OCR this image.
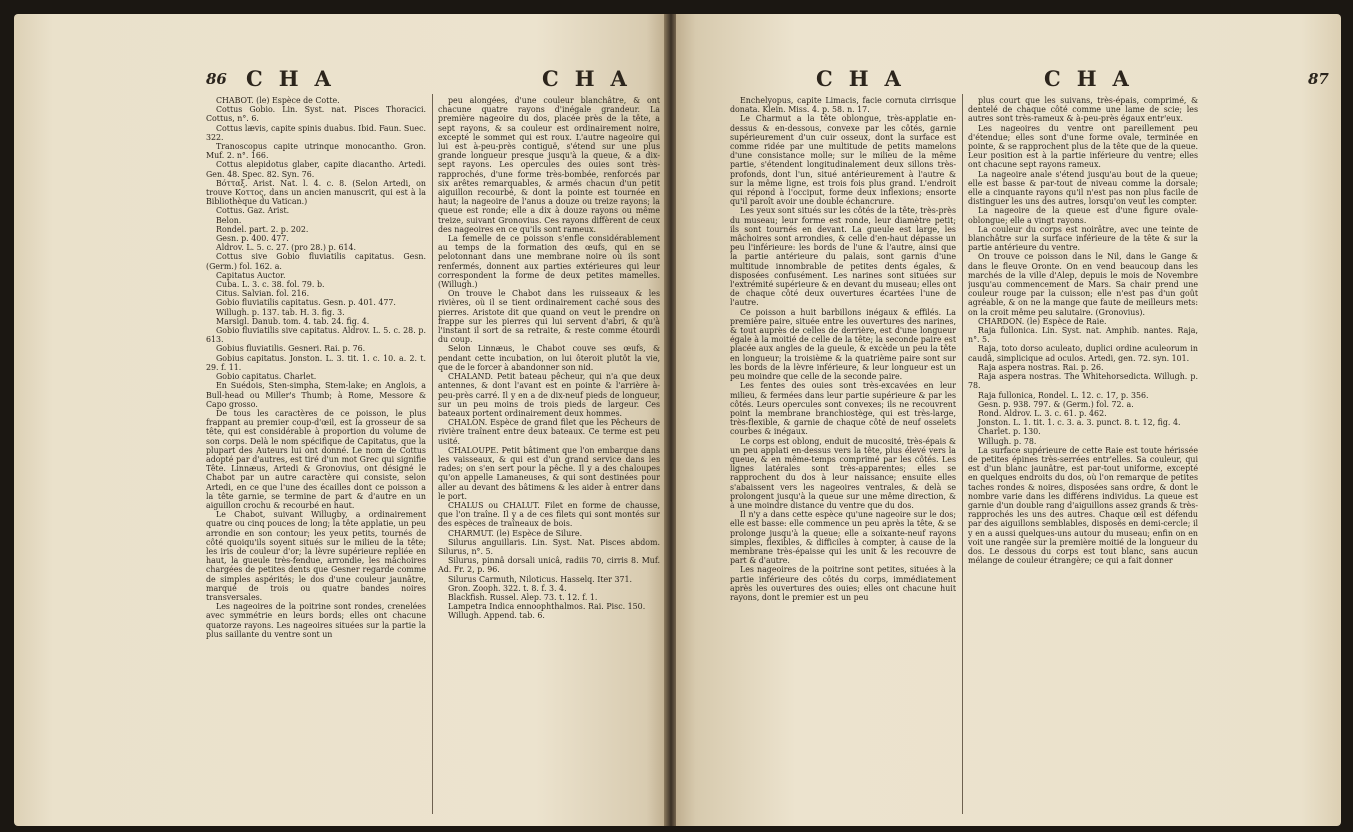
86 CHA	CHA

CHABOT. (le) Espèce de Cotte.

Cottus Gobio. Lin. Syst. nat. Pisces Thoracici. Cottus, n°. 6.

Cottus lævis, capite spinis duabus. Ibid. Faun. Suec. 322.

Tranoscopus capite utrinque monocantho. Gron. Muf. 2. n°. 166.

Cottus alepidotus glaber, capite diacantho. Artedi. Gen. 48. Spec. 82. Syn. 76.

Βότταξ. Arist. Nat. l. 4. c. 8. (Selon Artedi, on trouve Κοττος, dans un ancien manuscrit, qui est à la Bibliothèque du Vatican.)

Cottus. Gaz. Arist.

Belon.

Rondel. part. 2. p. 202.

Gesn. p. 400. 477.

Aldrov. L. 5. c. 27. (pro 28.) p. 614.

Cottus sive Gobio fluviatilis capitatus. Gesn. (Germ.) fol. 162. a.

Capitatus Auctor.

Cuba. L. 3. c. 38. fol. 79. b.

Citus. Salvian. fol. 216.

Gobio fluviatilis capitatus. Gesn. p. 401. 477.

Willugh. p. 137. tab. H. 3. fig. 3.

Marsigl. Danub. tom. 4. tab. 24. fig. 4.

Gobio fluviatilis sive capitatus. Aldrov. L. 5. c. 28. p. 613.

Gobius fluviatilis. Gesneri. Rai. p. 76.

Gobius capitatus. Jonston. L. 3. tit. 1. c. 10. a. 2. t. 29. f. 11.

Gobio capitatus. Charlet.

En Suédois, Sten-simpha, Stem-lake; en Anglois, a Bull-head ou Miller's Thumb; à Rome, Messore & Capo grosso.

De tous les caractères de ce poisson, le plus frappant au premier coup-d'œil, est la grosseur de sa tête, qui est considérable à proportion du volume de son corps. Delà le nom spécifique de Capitatus, que la plupart des Auteurs lui ont donné. Le nom de Cottus adopté par d'autres, est tiré d'un mot Grec qui signifie Tête. Linnæus, Artedi & Gronovius, ont désigné le Chabot par un autre caractère qui consiste, selon Artedi, en ce que l'une des écailles dont ce poisson a la tête garnie, se termine de part & d'autre en un aiguillon crochu & recourbé en haut.

Le Chabot, suivant Willugby, a ordinairement quatre ou cinq pouces de long; la tête applatie, un peu arrondie en son contour; les yeux petits, tournés de côté quoiqu'ils soyent situés sur le milieu de la tête; les iris de couleur d'or; la lèvre supérieure repliée en haut, la gueule très-fendue, arrondie, les mâchoires chargées de petites dents que Gesner regarde comme de simples aspérités; le dos d'une couleur jaunâtre, marqué de trois ou quatre bandes noires transversales.

Les nageoires de la poitrine sont rondes, crenelées avec symmétrie en leurs bords; elles ont chacune quatorze rayons. Les nageoires situées sur la partie la plus saillante du ventre sont un

peu alongées, d'une couleur blanchâtre, & ont chacune quatre rayons d'inégale grandeur. La première nageoire du dos, placée près de la tête, a sept rayons, & sa couleur est ordinairement noire, excepté le sommet qui est roux. L'autre nageoire qui lui est à-peu-près contiguë, s'étend sur une plus grande longueur presque jusqu'à la queue, & a dix-sept rayons. Les opercules des ouies sont très-rapprochés, d'une forme très-bombée, renforcés par six arêtes remarquables, & armés chacun d'un petit aiguillon recourbé, & dont la pointe est tournée en haut; la nageoire de l'anus a douze ou treize rayons; la queue est ronde; elle a dix à douze rayons ou même treize, suivant Gronovius. Ces rayons diffèrent de ceux des nageoires en ce qu'ils sont rameux.

La femelle de ce poisson s'enfle considérablement au temps de la formation des œufs, qui en se pelotonnant dans une membrane noire où ils sont renfermés, donnent aux parties extérieures qui leur correspondent la forme de deux petites mamelles. (Willugh.)

On trouve le Chabot dans les ruisseaux & les rivières, où il se tient ordinairement caché sous des pierres. Aristote dit que quand on veut le prendre on frappe sur les pierres qui lui servent d'abri, & qu'à l'instant il sort de sa retraite, & reste comme étourdi du coup.

Selon Linnæus, le Chabot couve ses œufs, & pendant cette incubation, on lui ôteroit plutôt la vie, que de le forcer à abandonner son nid.

CHALAND. Petit bateau pêcheur, qui n'a que deux antennes, & dont l'avant est en pointe & l'arrière à-peu-près carré. Il y en a de dix-neuf pieds de longueur, sur un peu moins de trois pieds de largeur. Ces bateaux portent ordinairement deux hommes.

CHALON. Espèce de grand filet que les Pêcheurs de rivière traînent entre deux bateaux. Ce terme est peu usité.

CHALOUPE. Petit bâtiment que l'on embarque dans les vaisseaux, & qui est d'un grand service dans les rades; on s'en sert pour la pêche. Il y a des chaloupes qu'on appelle Lamaneuses, & qui sont destinées pour aller au devant des bâtimens & les aider à entrer dans le port.

CHALUS ou CHALUT. Filet en forme de chausse, que l'on traîne. Il y a de ces filets qui sont montés sur des espèces de traîneaux de bois.

CHARMUT. (le) Espèce de Silure.

Silurus anguillaris. Lin. Syst. Nat. Pisces abdom. Silurus, n°. 5.

Silurus, pinnâ dorsali unicâ, radiis 70, cirris 8. Muf. Ad. Fr. 2, p. 96.

Silurus Carmuth, Niloticus. Hasselq. Iter 371.

Gron. Zooph. 322. t. 8. f. 3. 4.

Blackfish. Russel. Alep. 73. t. 12. f. 1.

Lampetra Indica ennoophthalmos. Rai. Pisc. 150.

Willugh. Append. tab. 6.

CHA	CHA	87

Enchelyopus, capite Limacis, facie cornuta cirrisque donata. Klein. Miss. 4. p. 58. n. 17.

Le Charmut a la tête oblongue, très-applatie en-dessus & en-dessous, convexe par les côtés, garnie supérieurement d'un cuir osseux, dont la surface est comme ridée par une multitude de petits mamelons d'une consistance molle; sur le milieu de la même partie, s'étendent longitudinalement deux sillons très-profonds, dont l'un, situé antérieurement à l'autre & sur la même ligne, est trois fois plus grand. L'endroit qui répond à l'occiput, forme deux inflexions; ensorte qu'il paroît avoir une double échancrure.

Les yeux sont situés sur les côtés de la tête, très-près du museau; leur forme est ronde, leur diamètre petit; ils sont tournés en devant. La gueule est large, les mâchoires sont arrondies, & celle d'en-haut dépasse un peu l'inférieure: les bords de l'une & l'autre, ainsi que la partie antérieure du palais, sont garnis d'une multitude innombrable de petites dents égales, & disposées confusément. Les narines sont situées sur l'extrémité supérieure & en devant du museau; elles ont de chaque côté deux ouvertures écartées l'une de l'autre.

Ce poisson a huit barbillons inégaux & effilés. La première paire, située entre les ouvertures des narines, & tout auprès de celles de derrière, est d'une longueur égale à la moitié de celle de la tête; la seconde paire est placée aux angles de la gueule, & excède un peu la tête en longueur; la troisième & la quatrième paire sont sur les bords de la lèvre inférieure, & leur longueur est un peu moindre que celle de la seconde paire.

Les fentes des ouies sont très-excavées en leur milieu, & fermées dans leur partie supérieure & par les côtés. Leurs opercules sont convexes; ils ne recouvrent point la membrane branchiostège, qui est très-large, très-flexible, & garnie de chaque côté de neuf osselets courbes & inégaux.

Le corps est oblong, enduit de mucosité, très-épais & un peu applati en-dessus vers la tête, plus élevé vers la queue, & en même-temps comprimé par les côtés. Les lignes latérales sont très-apparentes; elles se rapprochent du dos à leur naissance; ensuite elles s'abaissent vers les nageoires ventrales, & delà se prolongent jusqu'à la queue sur une même direction, & à une moindre distance du ventre que du dos.

Il n'y a dans cette espèce qu'une nageoire sur le dos; elle est basse: elle commence un peu après la tête, & se prolonge jusqu'à la queue; elle a soixante-neuf rayons simples, flexibles, & difficiles à compter, à cause de la membrane très-épaisse qui les unit & les recouvre de part & d'autre.

Les nageoires de la poitrine sont petites, situées à la partie inférieure des côtés du corps, immédiatement après les ouvertures des ouies; elles ont chacune huit rayons, dont le premier est un peu

plus court que les suivans, très-épais, comprimé, & dentelé de chaque côté comme une lame de scie; les autres sont très-rameux & à-peu-près égaux entr'eux.

Les nageoires du ventre ont pareillement peu d'étendue; elles sont d'une forme ovale, terminée en pointe, & se rapprochent plus de la tête que de la queue. Leur position est à la partie inférieure du ventre; elles ont chacune sept rayons rameux.

La nageoire anale s'étend jusqu'au bout de la queue; elle est basse & par-tout de niveau comme la dorsale; elle a cinquante rayons qu'il n'est pas non plus facile de distinguer les uns des autres, lorsqu'on veut les compter.

La nageoire de la queue est d'une figure ovale-oblongue; elle a vingt rayons.

La couleur du corps est noirâtre, avec une teinte de blanchâtre sur la surface inférieure de la tête & sur la partie antérieure du ventre.

On trouve ce poisson dans le Nil, dans le Gange & dans le fleuve Oronte. On en vend beaucoup dans les marchés de la ville d'Alep, depuis le mois de Novembre jusqu'au commencement de Mars. Sa chair prend une couleur rouge par la cuisson; elle n'est pas d'un goût agréable, & on ne la mange que faute de meilleurs mets: on la croit même peu salutaire. (Gronovius).

CHARDON. (le) Espèce de Raie.

Raja fullonica. Lin. Syst. nat. Amphib. nantes. Raja, n°. 5.

Raja, toto dorso aculeato, duplici ordine aculeorum in caudâ, simplicique ad oculos. Artedi, gen. 72. syn. 101.

Raja aspera nostras. Rai. p. 26.

Raja aspera nostras. The Whitehorsedicta. Willugh. p. 78.

Raja fullonica, Rondel. L. 12. c. 17, p. 356.

Gesn. p. 938. 797. & (Germ.) fol. 72. a.

Rond. Aldrov. L. 3. c. 61. p. 462.

Jonston. L. 1. tit. 1. c. 3. a. 3. punct. 8. t. 12, fig. 4.

Charlet. p. 130.

Willugh. p. 78.

La surface supérieure de cette Raie est toute hérissée de petites épines très-serrées entr'elles. Sa couleur, qui est d'un blanc jaunâtre, est par-tout uniforme, excepté en quelques endroits du dos, où l'on remarque de petites taches rondes & noires, disposées sans ordre, & dont le nombre varie dans les différens individus. La queue est garnie d'un double rang d'aiguillons assez grands & très-rapprochés les uns des autres. Chaque œil est défendu par des aiguillons semblables, disposés en demi-cercle; il y en a aussi quelques-uns autour du museau; enfin on en voit une rangée sur la première moitié de la longueur du dos. Le dessous du corps est tout blanc, sans aucun mélange de couleur étrangère; ce qui a fait donner
